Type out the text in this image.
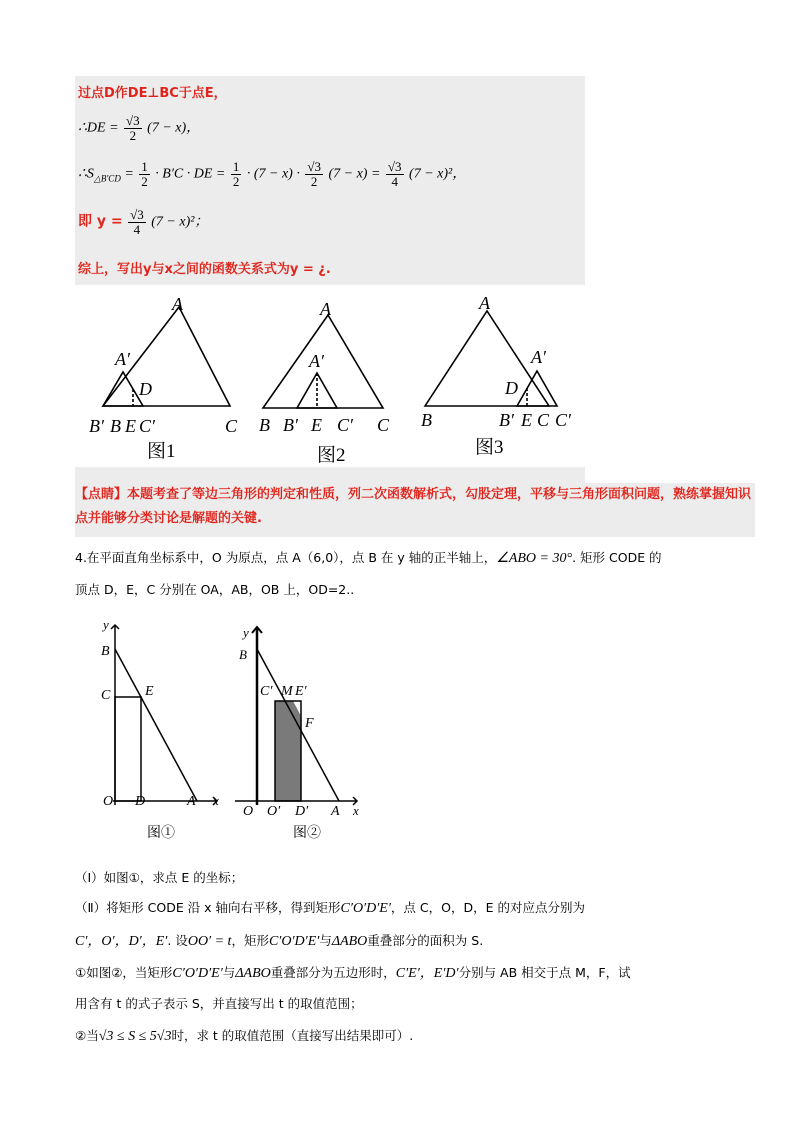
过点D作DE⊥BC于点E，
∴DE = $\frac{√3}{2} (7 - x)$，
$\therefore S_{\triangle B'CD} = \frac{1}{2} \cdot B'C$ · DE = $\frac{1}{2} \cdot (7 - x) \cdot \frac{√3}{2} (7 - x) = \frac{√3}{4} (7 - x)^2$，
即 $y = \frac{√3}{4} (7 - x)^2$；
综上，写出y与x之间的函数关系式为y = ¿.
A
A′
D
B′ B E C′	C
图1
A
A′
B B′ E C′ C
图2
A
A′
D
B	B′ E C C′
图3
【点睛】本题考查了等边三角形的判定和性质，列二次函数解析式，勾股定理，平移与三角形面积问题，熟练掌握知识点并能够分类讨论是解题的关键.
4.在平面直角坐标系中，O 为原点，点 A（6,0），点 B 在 y 轴的正半轴上，∠ABO = 30°. 矩形 CODE 的
顶点 D，E，C 分别在 OA，AB，OB 上，OD=2..
y
B
C E
O D	A x
图①
y
B
C′ M E′
F
O O′ D′ A x
图②
（Ⅰ）如图①，求点 E 的坐标；
（Ⅱ）将矩形 CODE 沿 x 轴向右平移，得到矩形C′O′D′E′，点 C，O，D，E 的对应点分别为
C′，O′，D′，E′. 设OO′ = t，矩形C′O′D′E′与ΔABO重叠部分的面积为 S.
①如图②，当矩形C′O′D′E′与ΔABO重叠部分为五边形时，C′E′，E′D′分别与 AB 相交于点 M，F，试
用含有 t 的式子表示 S，并直接写出 t 的取值范围；
②当√3 ≤ S ≤ 5√3时，求 t 的取值范围（直接写出结果即可）.
